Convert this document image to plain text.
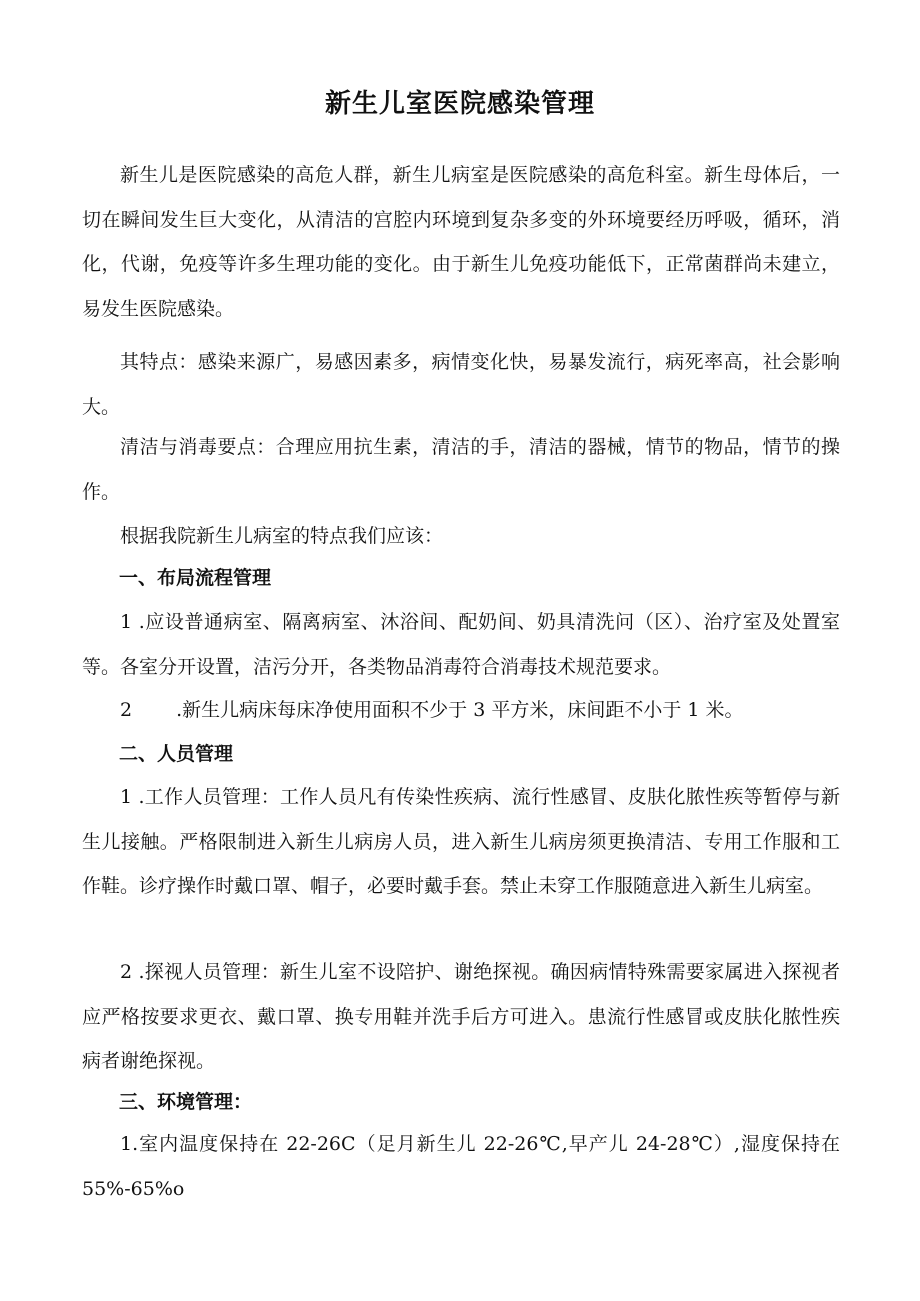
新生儿室医院感染管理

新生儿是医院感染的高危人群，新生儿病室是医院感染的高危科室。新生母体后，一切在瞬间发生巨大变化，从清洁的宫腔内环境到复杂多变的外环境要经历呼吸，循环，消化，代谢，免疫等许多生理功能的变化。由于新生儿免疫功能低下，正常菌群尚未建立，易发生医院感染。

其特点：感染来源广，易感因素多，病情变化快，易暴发流行，病死率高，社会影响大。

清洁与消毒要点：合理应用抗生素，清洁的手，清洁的器械，情节的物品，情节的操作。

根据我院新生儿病室的特点我们应该：

一、布局流程管理

1 .应设普通病室、隔离病室、沐浴间、配奶间、奶具清洗问（区）、治疗室及处置室等。各室分开设置，洁污分开，各类物品消毒符合消毒技术规范要求。

2 　　.新生儿病床每床净使用面积不少于 3 平方米，床间距不小于 1 米。

二、人员管理

1 .工作人员管理：工作人员凡有传染性疾病、流行性感冒、皮肤化脓性疾等暂停与新生儿接触。严格限制进入新生儿病房人员，进入新生儿病房须更换清洁、专用工作服和工作鞋。诊疗操作时戴口罩、帽子，必要时戴手套。禁止未穿工作服随意进入新生儿病室。

2 .探视人员管理：新生儿室不设陪护、谢绝探视。确因病情特殊需要家属进入探视者应严格按要求更衣、戴口罩、换专用鞋并洗手后方可进入。患流行性感冒或皮肤化脓性疾病者谢绝探视。

三、环境管理：

1.室内温度保持在 22-26C（足月新生儿 22-26℃,早产儿 24-28℃）,湿度保持在55%-65%o
